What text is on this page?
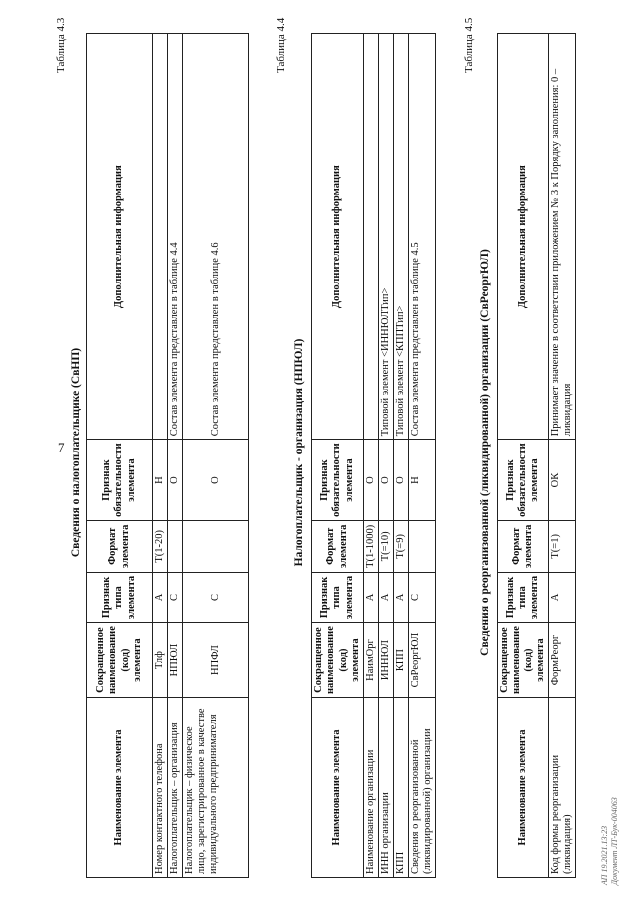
7
Таблица 4.3
Сведения о налогоплательщике (СвНП)
Наименование элемента	Сокращенное наименование (код) элемента	Признак типа элемента	Формат элемента	Признак обязательности элемента	Дополнительная информация
Номер контактного телефона	Тлф	А	Т(1-20)	Н	
Налогоплательщик – организация	НПЮЛ	С		О	Состав элемента представлен в таблице 4.4
Налогоплательщик – физическое лицо, зарегистрированное в качестве индивидуального предпринимателя	НПФЛ	С		О	Состав элемента представлен в таблице 4.6
Таблица 4.4
Налогоплательщик - организация (НПЮЛ)
Наименование элемента	Сокращенное наименование (код) элемента	Признак типа элемента	Формат элемента	Признак обязательности элемента	Дополнительная информация
Наименование организации	НаимОрг	А	Т(1-1000)	О	
ИНН организации	ИННЮЛ	А	Т(=10)	О	Типовой элемент <ИННЮЛТип>
КПП	КПП	А	Т(=9)	О	Типовой элемент <КППТип>
Сведения о реорганизованной (ликвидированной) организации	СвРеоргЮЛ	С		Н	Состав элемента представлен в таблице 4.5
Таблица 4.5
Сведения о реорганизованной (ликвидированной) организации (СвРеоргЮЛ)
Наименование элемента	Сокращенное наименование (код) элемента	Признак типа элемента	Формат элемента	Признак обязательности элемента	Дополнительная информация
Код формы реорганизации (ликвидация)	ФормРеорг	А	Т(=1)	ОК	Принимает значение в соответствии приложением № 3 к Порядку заполнения: 0 – ликвидация
АП 19.2021.13:23 Документ ЛТ-Бук-004063
